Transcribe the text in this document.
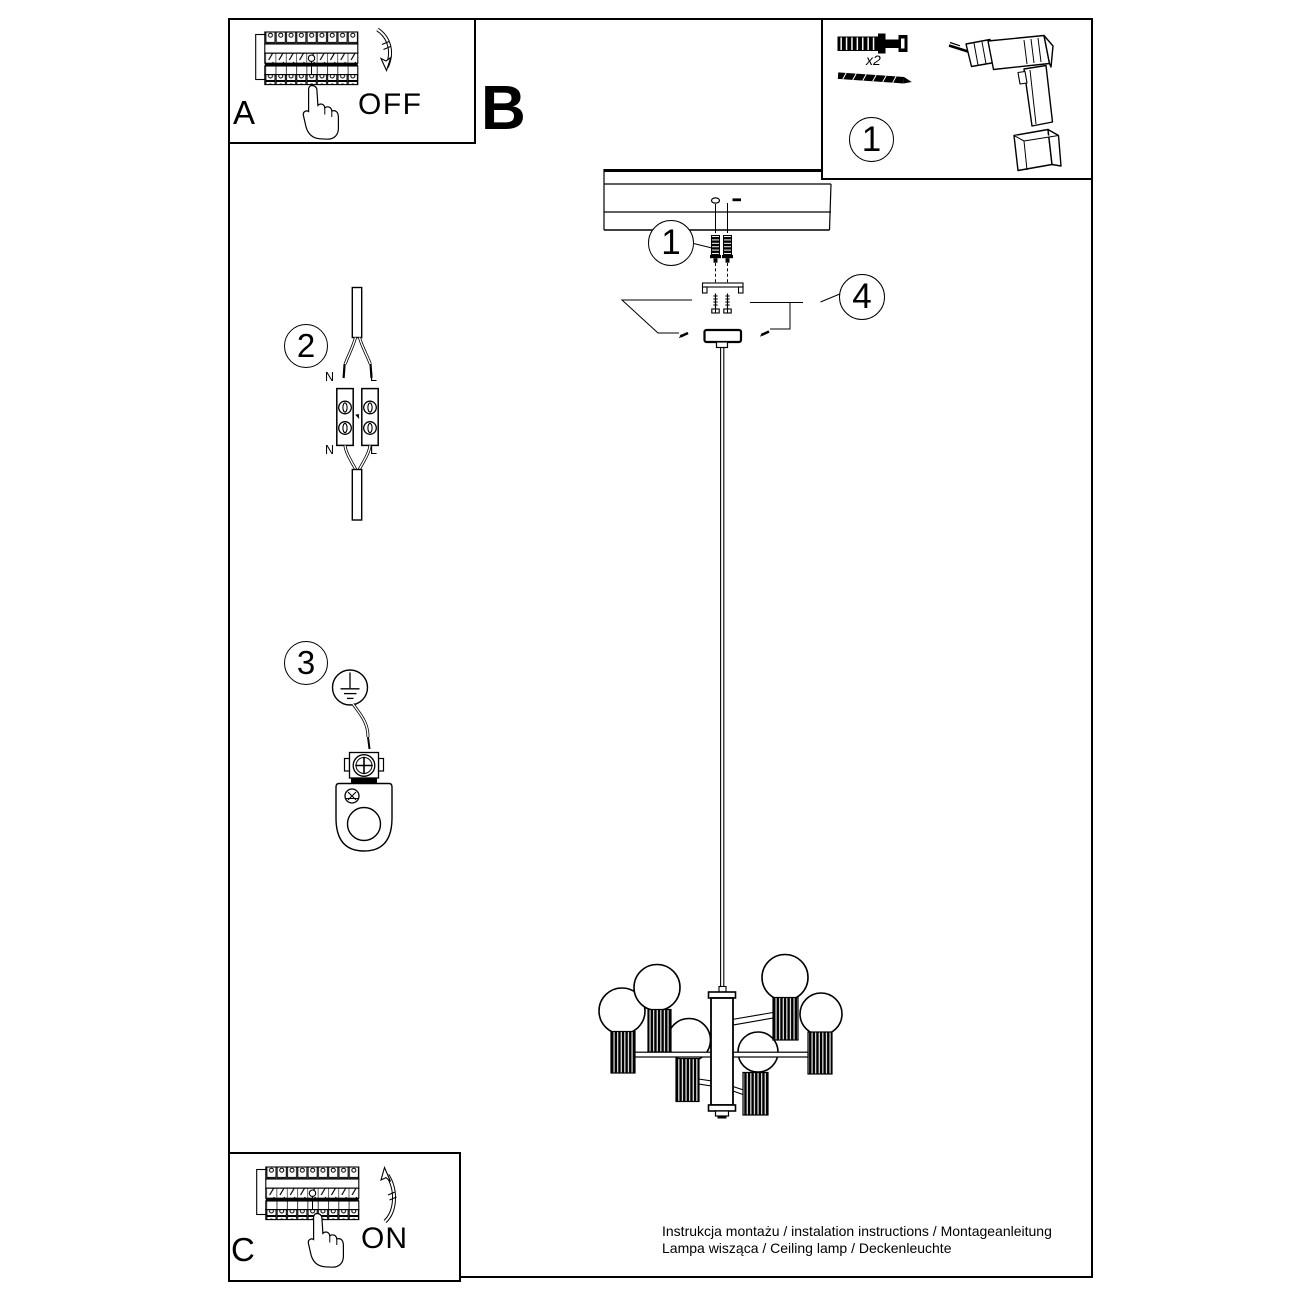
A	OFF B
x2
1
1
4
2
3
N	L
N	L
C	ON	Instrukcja montażu / instalation instructions / Montageanleitung
Lampa wisząca / Ceiling lamp / Deckenleuchte
